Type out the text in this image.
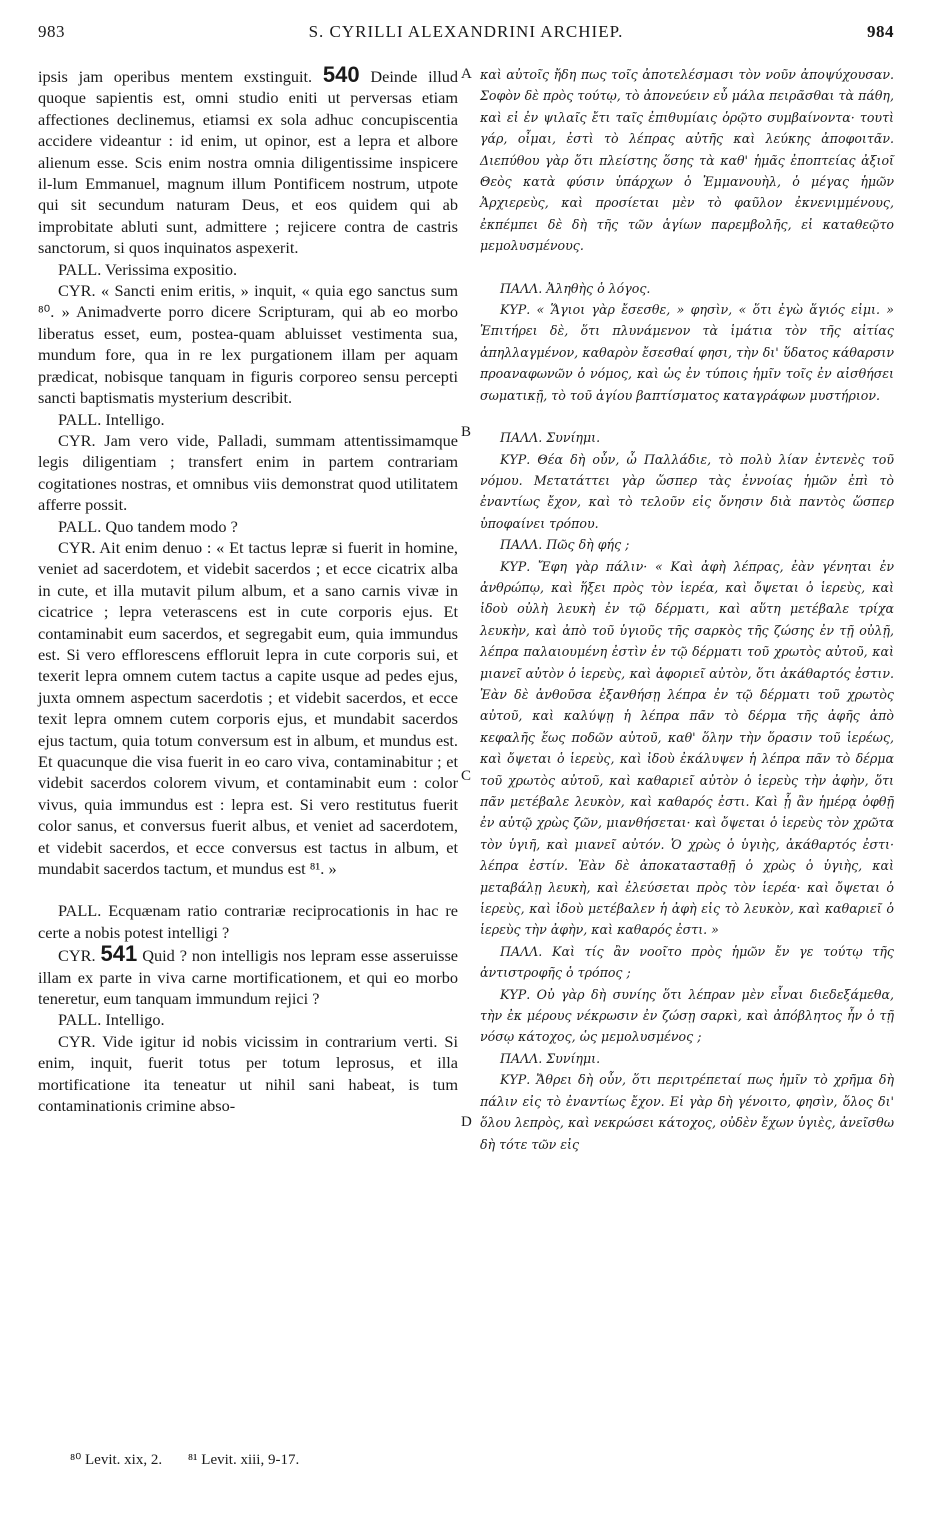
983	S. CYRILLI ALEXANDRINI ARCHIEP.	984
A
B
C
D

ipsis jam operibus mentem exstinguit. 540 Deinde illud quoque sapientis est, omni studio eniti ut perversas etiam affectiones declinemus, etiamsi ex sola adhuc concupiscentia accidere videantur : id enim, ut opinor, est a lepra et albore alienum esse. Scis enim nostra omnia diligentissime inspicere il-lum Emmanuel, magnum illum Pontificem nostrum, utpote qui sit secundum naturam Deus, et eos quidem qui ab improbitate abluti sunt, admittere ; rejicere contra de castris sanctorum, si quos inquinatos aspexerit.

PALL. Verissima expositio.

CYR. « Sancti enim eritis, » inquit, « quia ego sanctus sum ⁸⁰. » Animadverte porro dicere Scripturam, qui ab eo morbo liberatus esset, eum, postea-quam abluisset vestimenta sua, mundum fore, qua in re lex purgationem illam per aquam prædicat, nobisque tanquam in figuris corporeo sensu percepti sancti baptismatis mysterium describit.

PALL. Intelligo.

CYR. Jam vero vide, Palladi, summam attentissimamque legis diligentiam ; transfert enim in partem contrariam cogitationes nostras, et omnibus viis demonstrat quod utilitatem afferre possit.

PALL. Quo tandem modo ?

CYR. Ait enim denuo : « Et tactus lepræ si fuerit in homine, veniet ad sacerdotem, et videbit sacerdos ; et ecce cicatrix alba in cute, et illa mutavit pilum album, et a sano carnis vivæ in cicatrice ; lepra veterascens est in cute corporis ejus. Et contaminabit eum sacerdos, et segregabit eum, quia immundus est. Si vero efflorescens effloruit lepra in cute corporis sui, et texerit lepra omnem cutem tactus a capite usque ad pedes ejus, juxta omnem aspectum sacerdotis ; et videbit sacerdos, et ecce texit lepra omnem cutem corporis ejus, et mundabit sacerdos ejus tactum, quia totum conversum est in album, et mundus est. Et quacunque die visa fuerit in eo caro viva, contaminabitur ; et videbit sacerdos colorem vivum, et contaminabit eum : color vivus, quia immundus est : lepra est. Si vero restitutus fuerit color sanus, et conversus fuerit albus, et veniet ad sacerdotem, et videbit sacerdos, et ecce conversus est tactus in album, et mundabit sacerdos tactum, et mundus est ⁸¹. »

PALL. Ecquænam ratio contrariæ reciprocationis in hac re certe a nobis potest intelligi ?

CYR. 541 Quid ? non intelligis nos lepram esse asseruisse illam ex parte in viva carne mortificationem, et qui eo morbo teneretur, eum tanquam immundum rejici ?

PALL. Intelligo.

CYR. Vide igitur id nobis vicissim in contrarium verti. Si enim, inquit, fuerit totus per totum leprosus, et illa mortificatione ita teneatur ut nihil sani habeat, is tum contaminationis crimine abso-

καὶ αὐτοῖς ἤδη πως τοῖς ἀποτελέσμασι τὸν νοῦν ἀποψύχουσαν. Σοφὸν δὲ πρὸς τούτῳ, τὸ ἀπονεύειν εὖ μάλα πειρᾶσθαι τὰ πάθη, καὶ εἰ ἐν ψιλαῖς ἔτι ταῖς ἐπιθυμίαις ὁρῷτο συμβαίνοντα· τουτὶ γάρ, οἶμαι, ἐστὶ τὸ λέπρας αὐτῆς καὶ λεύκης ἀποφοιτᾶν. Διεπύθου γὰρ ὅτι πλείστης ὅσης τὰ καθ' ἡμᾶς ἐποπτείας ἀξιοῖ Θεὸς κατὰ φύσιν ὑπάρχων ὁ Ἐμμανουὴλ, ὁ μέγας ἡμῶν Ἀρχιερεὺς, καὶ προσίεται μὲν τὸ φαῦλον ἐκνενιμμένους, ἐκπέμπει δὲ δὴ τῆς τῶν ἁγίων παρεμβολῆς, εἰ καταθεῷτο μεμολυσμένους.

ΠΑΛΛ. Ἀληθὴς ὁ λόγος.

ΚΥΡ. « Ἅγιοι γὰρ ἔσεσθε, » φησὶν, « ὅτι ἐγὼ ἅγιός εἰμι. » Ἐπιτήρει δὲ, ὅτι πλυνάμενον τὰ ἱμάτια τὸν τῆς αἰτίας ἀπηλλαγμένον, καθαρὸν ἔσεσθαί φησι, τὴν δι' ὕδατος κάθαρσιν προαναφωνῶν ὁ νόμος, καὶ ὡς ἐν τύποις ἡμῖν τοῖς ἐν αἰσθήσει σωματικῇ, τὸ τοῦ ἁγίου βαπτίσματος καταγράφων μυστήριον.

ΠΑΛΛ. Συνίημι.

ΚΥΡ. Θέα δὴ οὖν, ὦ Παλλάδιε, τὸ πολὺ λίαν ἐντενὲς τοῦ νόμου. Μετατάττει γὰρ ὥσπερ τὰς ἐννοίας ἡμῶν ἐπὶ τὸ ἐναντίως ἔχον, καὶ τὸ τελοῦν εἰς ὄνησιν διὰ παντὸς ὥσπερ ὑποφαίνει τρόπου.

ΠΑΛΛ. Πῶς δὴ φής ;

ΚΥΡ. Ἔφη γὰρ πάλιν· « Καὶ ἀφὴ λέπρας, ἐὰν γένηται ἐν ἀνθρώπῳ, καὶ ἥξει πρὸς τὸν ἱερέα, καὶ ὄψεται ὁ ἱερεὺς, καὶ ἰδοὺ οὐλὴ λευκὴ ἐν τῷ δέρματι, καὶ αὕτη μετέβαλε τρίχα λευκὴν, καὶ ἀπὸ τοῦ ὑγιοῦς τῆς σαρκὸς τῆς ζώσης ἐν τῇ οὐλῇ, λέπρα παλαιουμένη ἐστὶν ἐν τῷ δέρματι τοῦ χρωτὸς αὐτοῦ, καὶ μιανεῖ αὐτὸν ὁ ἱερεὺς, καὶ ἀφοριεῖ αὐτὸν, ὅτι ἀκάθαρτός ἐστιν. Ἐὰν δὲ ἀνθοῦσα ἐξανθήσῃ λέπρα ἐν τῷ δέρματι τοῦ χρωτὸς αὐτοῦ, καὶ καλύψῃ ἡ λέπρα πᾶν τὸ δέρμα τῆς ἀφῆς ἀπὸ κεφαλῆς ἕως ποδῶν αὐτοῦ, καθ' ὅλην τὴν ὅρασιν τοῦ ἱερέως, καὶ ὄψεται ὁ ἱερεὺς, καὶ ἰδοὺ ἐκάλυψεν ἡ λέπρα πᾶν τὸ δέρμα τοῦ χρωτὸς αὐτοῦ, καὶ καθαριεῖ αὐτὸν ὁ ἱερεὺς τὴν ἀφὴν, ὅτι πᾶν μετέβαλε λευκὸν, καὶ καθαρός ἐστι. Καὶ ᾗ ἂν ἡμέρᾳ ὀφθῇ ἐν αὐτῷ χρὼς ζῶν, μιανθήσεται· καὶ ὄψεται ὁ ἱερεὺς τὸν χρῶτα τὸν ὑγιῆ, καὶ μιανεῖ αὐτόν. Ὁ χρὼς ὁ ὑγιὴς, ἀκάθαρτός ἐστι· λέπρα ἐστίν. Ἐὰν δὲ ἀποκατασταθῇ ὁ χρὼς ὁ ὑγιὴς, καὶ μεταβάλῃ λευκὴ, καὶ ἐλεύσεται πρὸς τὸν ἱερέα· καὶ ὄψεται ὁ ἱερεὺς, καὶ ἰδοὺ μετέβαλεν ἡ ἀφὴ εἰς τὸ λευκὸν, καὶ καθαριεῖ ὁ ἱερεὺς τὴν ἀφὴν, καὶ καθαρός ἐστι. »

ΠΑΛΛ. Καὶ τίς ἂν νοοῖτο πρὸς ἡμῶν ἔν γε τούτῳ τῆς ἀντιστροφῆς ὁ τρόπος ;

ΚΥΡ. Οὐ γὰρ δὴ συνίης ὅτι λέπραν μὲν εἶναι διεδεξάμεθα, τὴν ἐκ μέρους νέκρωσιν ἐν ζώσῃ σαρκὶ, καὶ ἀπόβλητος ἦν ὁ τῇ νόσῳ κάτοχος, ὡς μεμολυσμένος ;

ΠΑΛΛ. Συνίημι.

ΚΥΡ. Ἄθρει δὴ οὖν, ὅτι περιτρέπεταί πως ἡμῖν τὸ χρῆμα δὴ πάλιν εἰς τὸ ἐναντίως ἔχον. Εἰ γὰρ δὴ γένοιτο, φησὶν, ὅλος δι' ὅλου λεπρὸς, καὶ νεκρώσει κάτοχος, οὐδὲν ἔχων ὑγιὲς, ἀνεῖσθω δὴ τότε τῶν εἰς

⁸⁰ Levit. xix, 2. ⁸¹ Levit. xiii, 9-17.
